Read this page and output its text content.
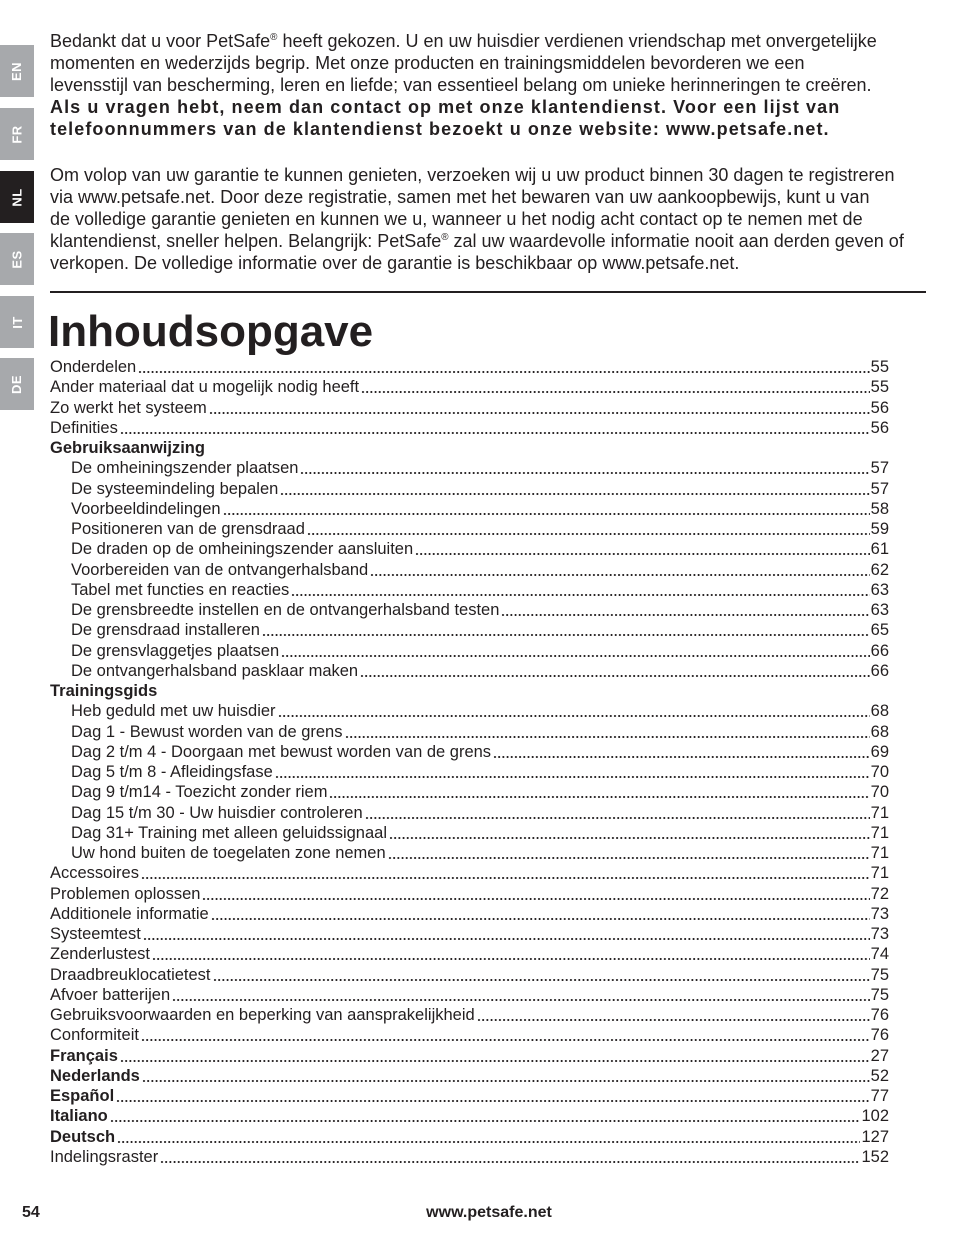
EN
FR
NL
ES
IT
DE
Bedankt dat u voor PetSafe® heeft gekozen. U en uw huisdier verdienen vriendschap met onvergetelijke
momenten en wederzijds begrip. Met onze producten en trainingsmiddelen bevorderen we een
levensstijl van bescherming, leren en liefde; van essentieel belang om unieke herinneringen te creëren.
Als u vragen hebt, neem dan contact op met onze klantendienst. Voor een lijst van
telefoonnummers van de klantendienst bezoekt u onze website: www.petsafe.net.
Om volop van uw garantie te kunnen genieten, verzoeken wij u uw product binnen 30 dagen te registreren
via www.petsafe.net. Door deze registratie, samen met het bewaren van uw aankoopbewijs, kunt u van
de volledige garantie genieten en kunnen we u, wanneer u het nodig acht contact op te nemen met de
klantendienst, sneller helpen. Belangrijk: PetSafe® zal uw waardevolle informatie nooit aan derden geven of
verkopen. De volledige informatie over de garantie is beschikbaar op www.petsafe.net.
Inhoudsopgave
Onderdelen	55
Ander materiaal dat u mogelijk nodig heeft	55
Zo werkt het systeem	56
Definities	56
Gebruiksaanwijzing
De omheiningszender plaatsen	57
De systeemindeling bepalen	57
Voorbeeldindelingen	58
Positioneren van de grensdraad	59
De draden op de omheiningszender aansluiten	61
Voorbereiden van de ontvangerhalsband	62
Tabel met functies en reacties	63
De grensbreedte instellen en de ontvangerhalsband testen	63
De grensdraad installeren	65
De grensvlaggetjes plaatsen	66
De ontvangerhalsband pasklaar maken	66
Trainingsgids
Heb geduld met uw huisdier	68
Dag 1 - Bewust worden van de grens	68
Dag 2 t/m 4 - Doorgaan met bewust worden van de grens	69
Dag 5 t/m 8 - Afleidingsfase	70
Dag 9 t/m14 - Toezicht zonder riem	70
Dag 15 t/m 30 - Uw huisdier controleren	71
Dag 31+ Training met alleen geluidssignaal	71
Uw hond buiten de toegelaten zone nemen	71
Accessoires	71
Problemen oplossen	72
Additionele informatie	73
Systeemtest	73
Zenderlustest	74
Draadbreuklocatietest	75
Afvoer batterijen	75
Gebruiksvoorwaarden en beperking van aansprakelijkheid	76
Conformiteit	76
Français	27
Nederlands	52
Español	77
Italiano	102
Deutsch	127
Indelingsraster	152
54	www.petsafe.net
